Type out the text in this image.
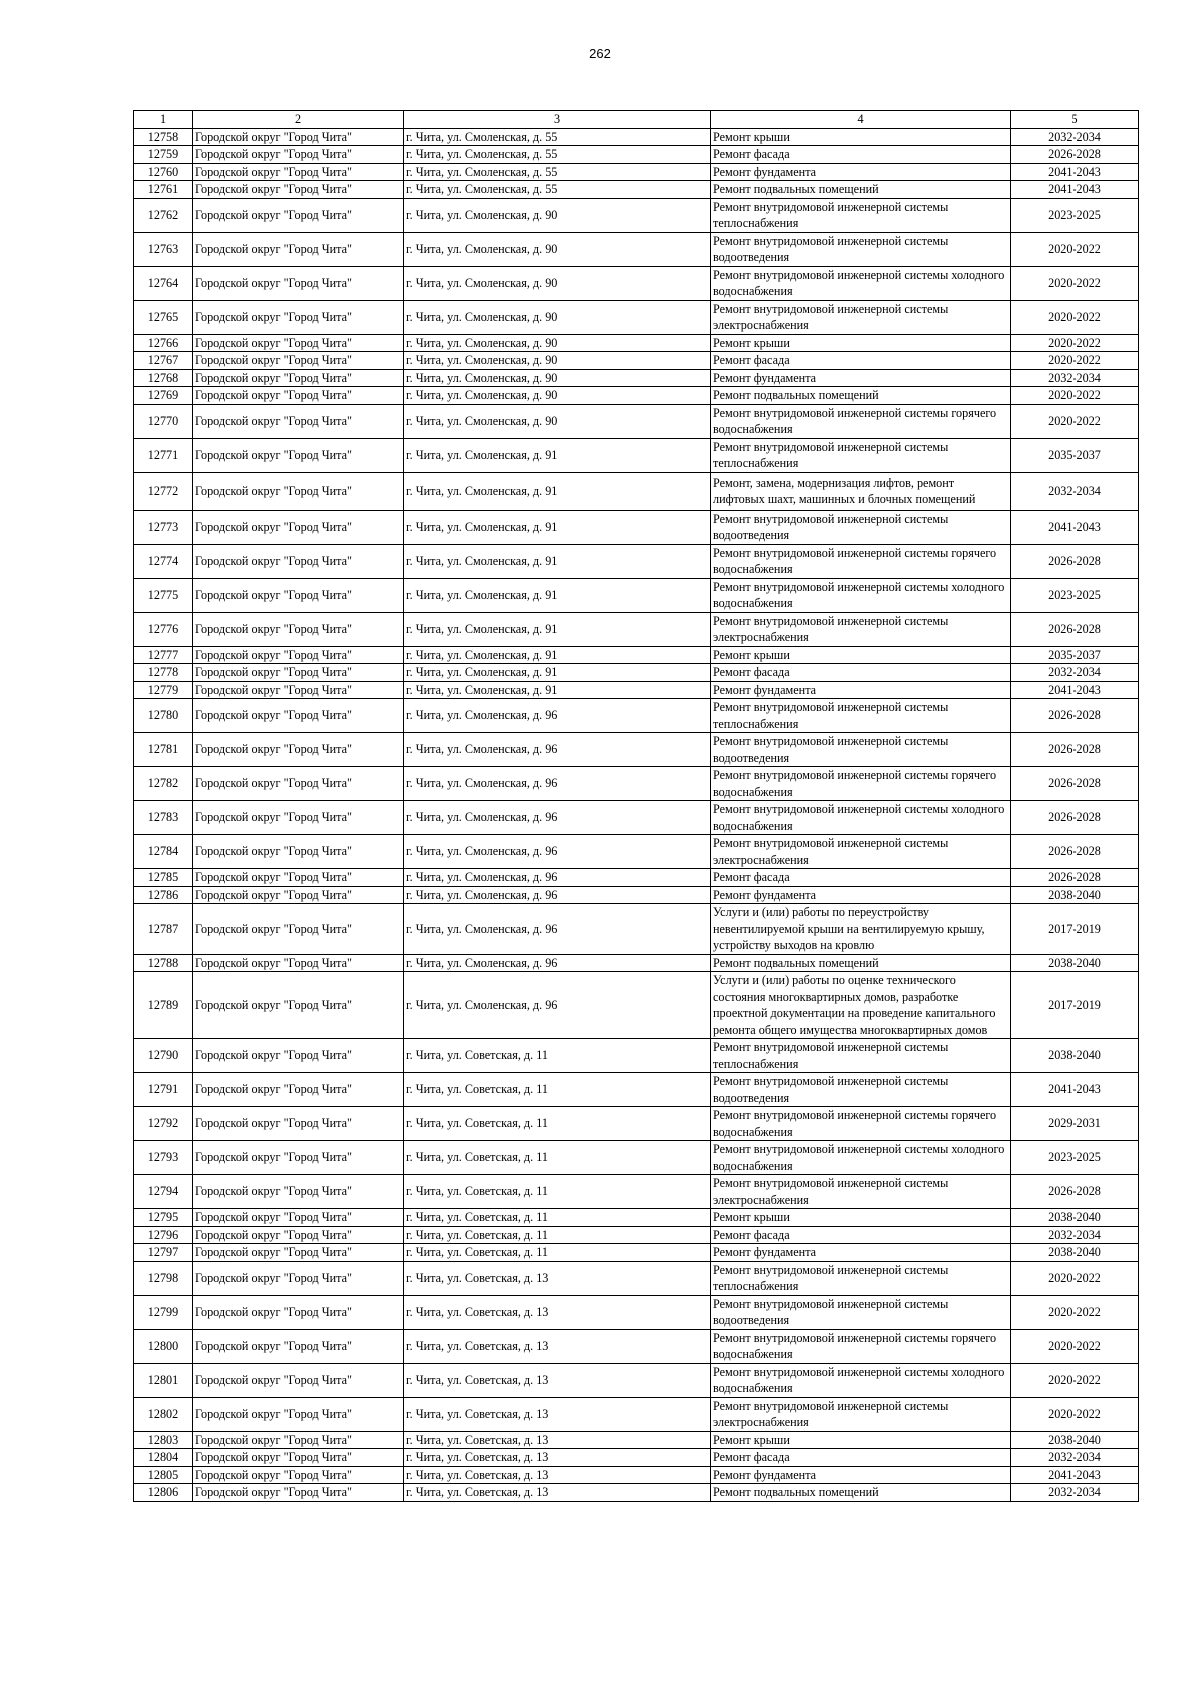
262
1	2	3	4	5
12758	Городской округ "Город Чита"	г. Чита, ул. Смоленская, д. 55	Ремонт крыши	2032-2034
12759	Городской округ "Город Чита"	г. Чита, ул. Смоленская, д. 55	Ремонт фасада	2026-2028
12760	Городской округ "Город Чита"	г. Чита, ул. Смоленская, д. 55	Ремонт фундамента	2041-2043
12761	Городской округ "Город Чита"	г. Чита, ул. Смоленская, д. 55	Ремонт подвальных помещений	2041-2043
12762	Городской округ "Город Чита"	г. Чита, ул. Смоленская, д. 90	Ремонт внутридомовой инженерной системы теплоснабжения	2023-2025
12763	Городской округ "Город Чита"	г. Чита, ул. Смоленская, д. 90	Ремонт внутридомовой инженерной системы водоотведения	2020-2022
12764	Городской округ "Город Чита"	г. Чита, ул. Смоленская, д. 90	Ремонт внутридомовой инженерной системы холодного водоснабжения	2020-2022
12765	Городской округ "Город Чита"	г. Чита, ул. Смоленская, д. 90	Ремонт внутридомовой инженерной системы электроснабжения	2020-2022
12766	Городской округ "Город Чита"	г. Чита, ул. Смоленская, д. 90	Ремонт крыши	2020-2022
12767	Городской округ "Город Чита"	г. Чита, ул. Смоленская, д. 90	Ремонт фасада	2020-2022
12768	Городской округ "Город Чита"	г. Чита, ул. Смоленская, д. 90	Ремонт фундамента	2032-2034
12769	Городской округ "Город Чита"	г. Чита, ул. Смоленская, д. 90	Ремонт подвальных помещений	2020-2022
12770	Городской округ "Город Чита"	г. Чита, ул. Смоленская, д. 90	Ремонт внутридомовой инженерной системы горячего водоснабжения	2020-2022
12771	Городской округ "Город Чита"	г. Чита, ул. Смоленская, д. 91	Ремонт внутридомовой инженерной системы теплоснабжения	2035-2037
12772	Городской округ "Город Чита"	г. Чита, ул. Смоленская, д. 91	Ремонт, замена, модернизация лифтов, ремонт лифтовых шахт, машинных и блочных помещений	2032-2034
12773	Городской округ "Город Чита"	г. Чита, ул. Смоленская, д. 91	Ремонт внутридомовой инженерной системы водоотведения	2041-2043
12774	Городской округ "Город Чита"	г. Чита, ул. Смоленская, д. 91	Ремонт внутридомовой инженерной системы горячего водоснабжения	2026-2028
12775	Городской округ "Город Чита"	г. Чита, ул. Смоленская, д. 91	Ремонт внутридомовой инженерной системы холодного водоснабжения	2023-2025
12776	Городской округ "Город Чита"	г. Чита, ул. Смоленская, д. 91	Ремонт внутридомовой инженерной системы электроснабжения	2026-2028
12777	Городской округ "Город Чита"	г. Чита, ул. Смоленская, д. 91	Ремонт крыши	2035-2037
12778	Городской округ "Город Чита"	г. Чита, ул. Смоленская, д. 91	Ремонт фасада	2032-2034
12779	Городской округ "Город Чита"	г. Чита, ул. Смоленская, д. 91	Ремонт фундамента	2041-2043
12780	Городской округ "Город Чита"	г. Чита, ул. Смоленская, д. 96	Ремонт внутридомовой инженерной системы теплоснабжения	2026-2028
12781	Городской округ "Город Чита"	г. Чита, ул. Смоленская, д. 96	Ремонт внутридомовой инженерной системы водоотведения	2026-2028
12782	Городской округ "Город Чита"	г. Чита, ул. Смоленская, д. 96	Ремонт внутридомовой инженерной системы горячего водоснабжения	2026-2028
12783	Городской округ "Город Чита"	г. Чита, ул. Смоленская, д. 96	Ремонт внутридомовой инженерной системы холодного водоснабжения	2026-2028
12784	Городской округ "Город Чита"	г. Чита, ул. Смоленская, д. 96	Ремонт внутридомовой инженерной системы электроснабжения	2026-2028
12785	Городской округ "Город Чита"	г. Чита, ул. Смоленская, д. 96	Ремонт фасада	2026-2028
12786	Городской округ "Город Чита"	г. Чита, ул. Смоленская, д. 96	Ремонт фундамента	2038-2040
12787	Городской округ "Город Чита"	г. Чита, ул. Смоленская, д. 96	Услуги и (или) работы по переустройству невентилируемой крыши на вентилируемую крышу, устройству выходов на кровлю	2017-2019
12788	Городской округ "Город Чита"	г. Чита, ул. Смоленская, д. 96	Ремонт подвальных помещений	2038-2040
12789	Городской округ "Город Чита"	г. Чита, ул. Смоленская, д. 96	Услуги и (или) работы по оценке технического состояния многоквартирных домов, разработке проектной документации на проведение капитального ремонта общего имущества многоквартирных домов	2017-2019
12790	Городской округ "Город Чита"	г. Чита, ул. Советская, д. 11	Ремонт внутридомовой инженерной системы теплоснабжения	2038-2040
12791	Городской округ "Город Чита"	г. Чита, ул. Советская, д. 11	Ремонт внутридомовой инженерной системы водоотведения	2041-2043
12792	Городской округ "Город Чита"	г. Чита, ул. Советская, д. 11	Ремонт внутридомовой инженерной системы горячего водоснабжения	2029-2031
12793	Городской округ "Город Чита"	г. Чита, ул. Советская, д. 11	Ремонт внутридомовой инженерной системы холодного водоснабжения	2023-2025
12794	Городской округ "Город Чита"	г. Чита, ул. Советская, д. 11	Ремонт внутридомовой инженерной системы электроснабжения	2026-2028
12795	Городской округ "Город Чита"	г. Чита, ул. Советская, д. 11	Ремонт крыши	2038-2040
12796	Городской округ "Город Чита"	г. Чита, ул. Советская, д. 11	Ремонт фасада	2032-2034
12797	Городской округ "Город Чита"	г. Чита, ул. Советская, д. 11	Ремонт фундамента	2038-2040
12798	Городской округ "Город Чита"	г. Чита, ул. Советская, д. 13	Ремонт внутридомовой инженерной системы теплоснабжения	2020-2022
12799	Городской округ "Город Чита"	г. Чита, ул. Советская, д. 13	Ремонт внутридомовой инженерной системы водоотведения	2020-2022
12800	Городской округ "Город Чита"	г. Чита, ул. Советская, д. 13	Ремонт внутридомовой инженерной системы горячего водоснабжения	2020-2022
12801	Городской округ "Город Чита"	г. Чита, ул. Советская, д. 13	Ремонт внутридомовой инженерной системы холодного водоснабжения	2020-2022
12802	Городской округ "Город Чита"	г. Чита, ул. Советская, д. 13	Ремонт внутридомовой инженерной системы электроснабжения	2020-2022
12803	Городской округ "Город Чита"	г. Чита, ул. Советская, д. 13	Ремонт крыши	2038-2040
12804	Городской округ "Город Чита"	г. Чита, ул. Советская, д. 13	Ремонт фасада	2032-2034
12805	Городской округ "Город Чита"	г. Чита, ул. Советская, д. 13	Ремонт фундамента	2041-2043
12806	Городской округ "Город Чита"	г. Чита, ул. Советская, д. 13	Ремонт подвальных помещений	2032-2034
